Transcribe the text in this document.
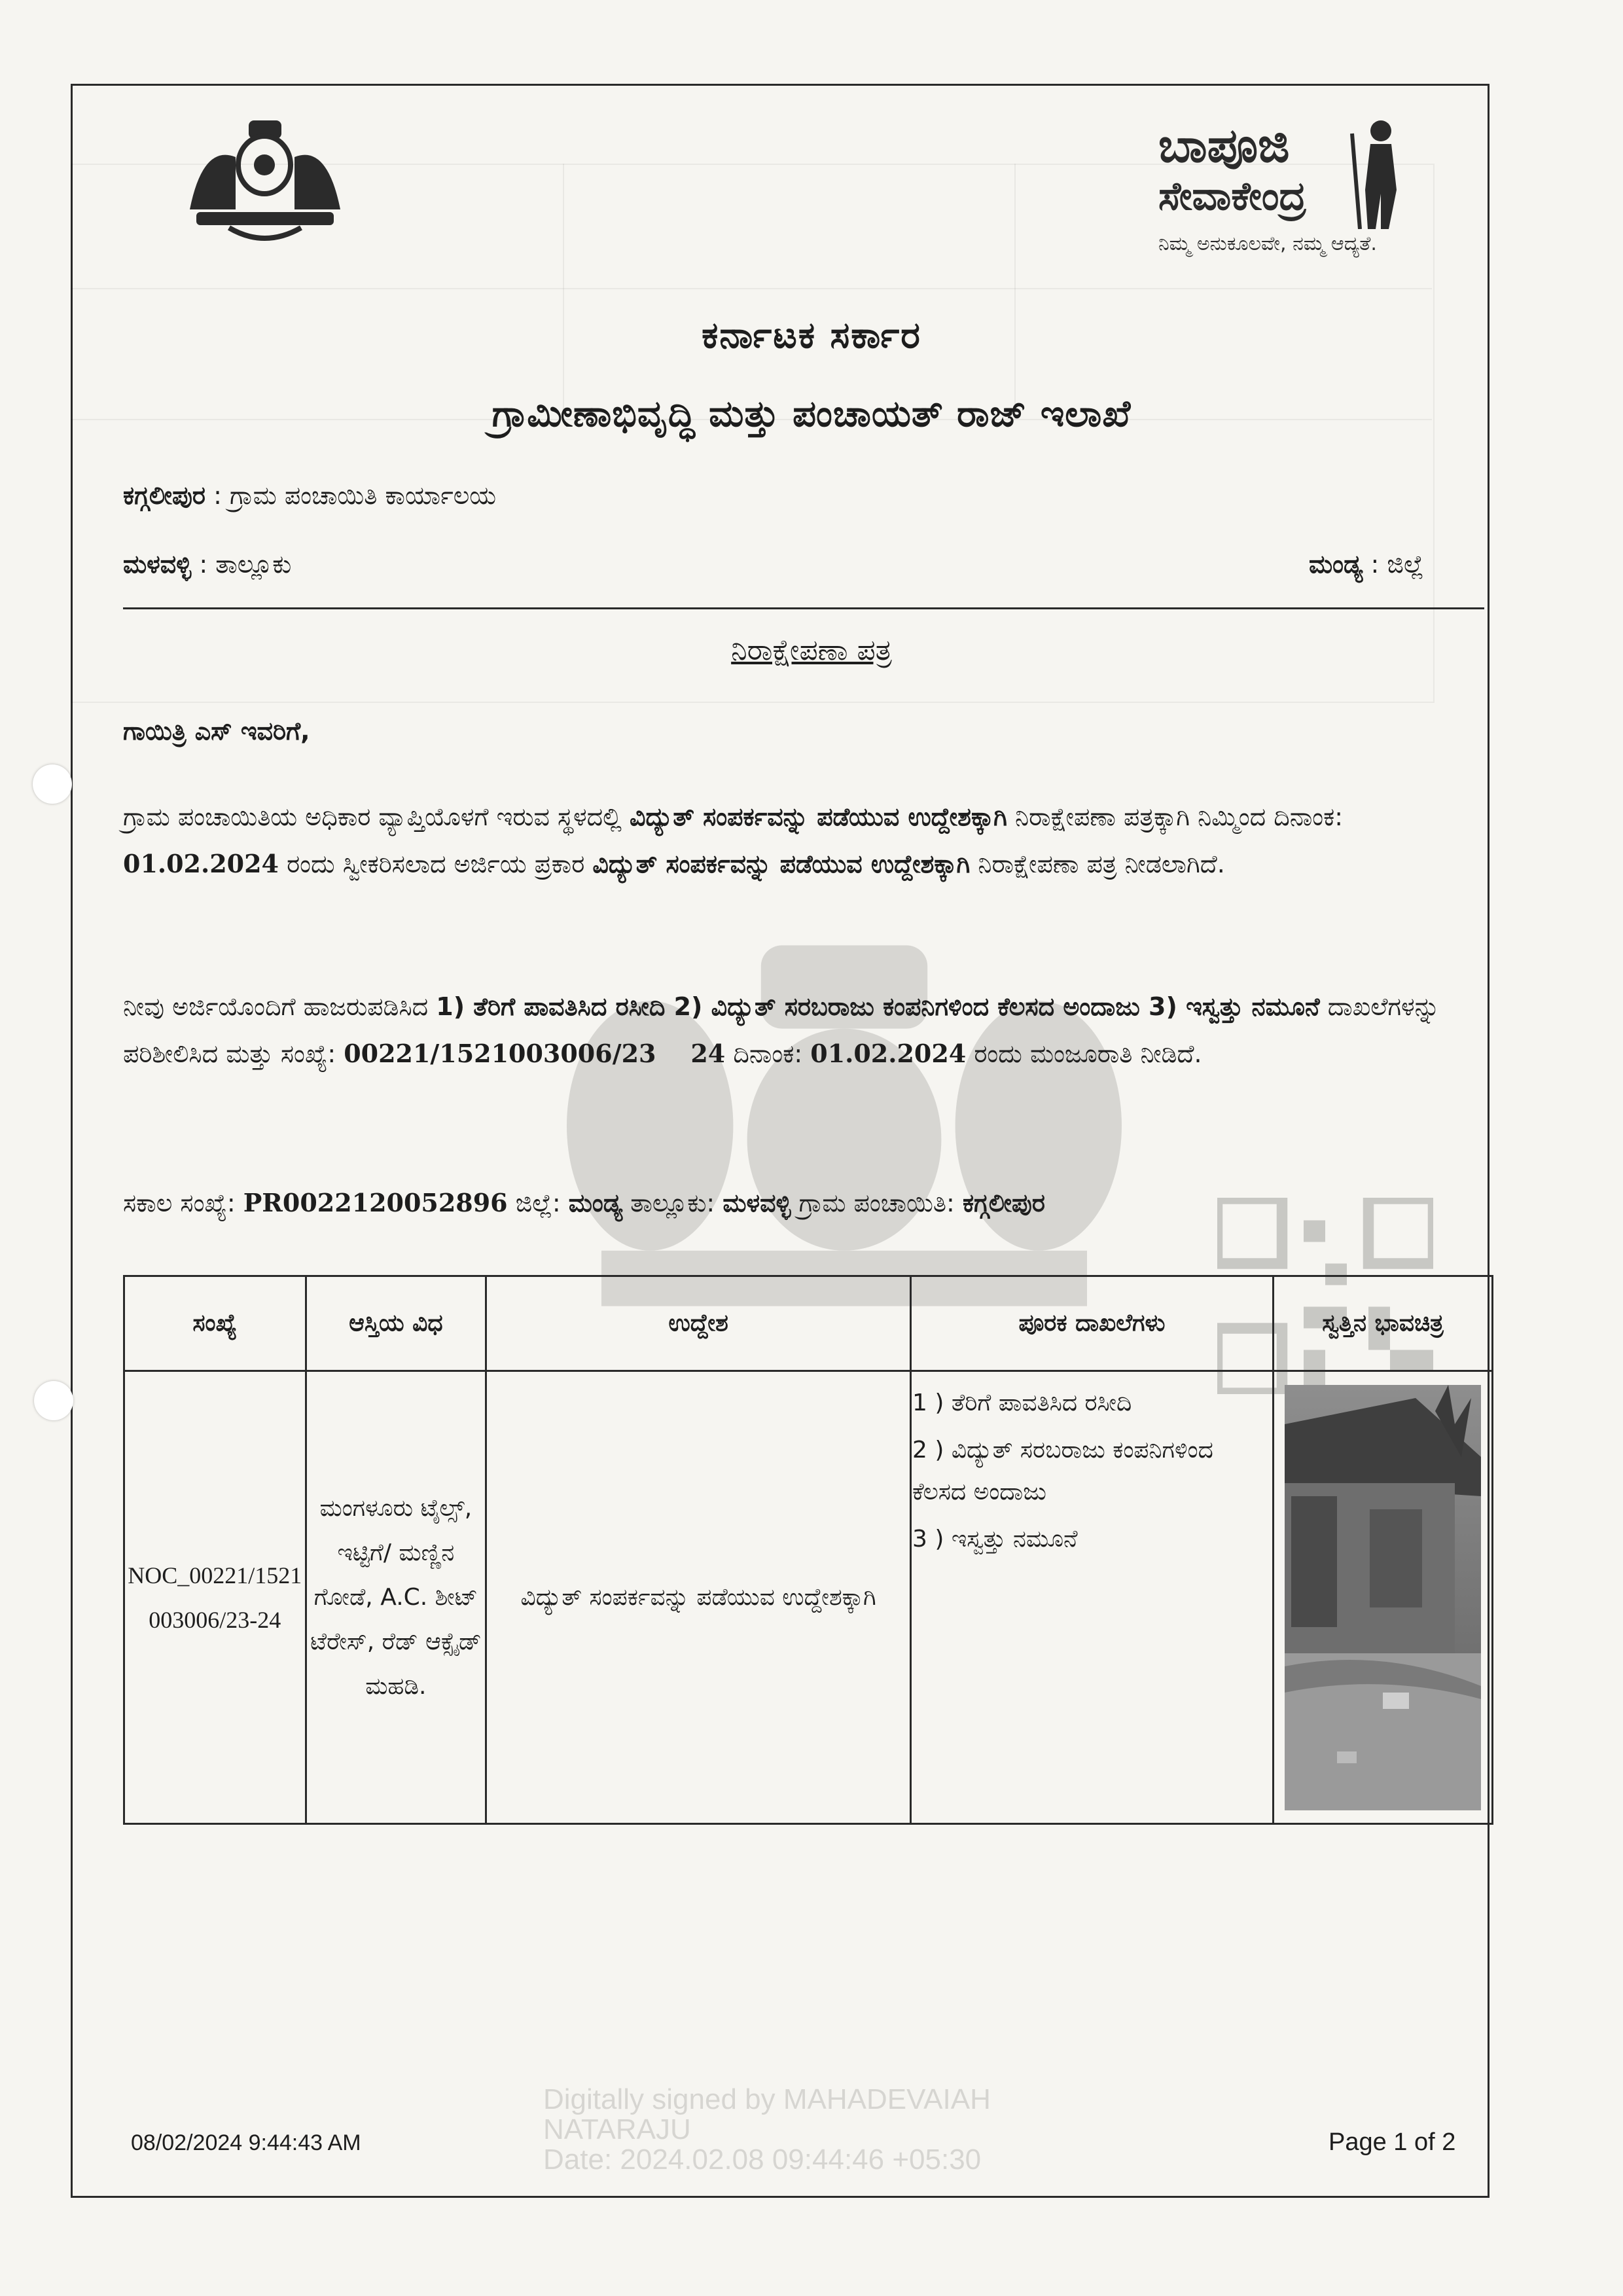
ಬಾಪೂಜಿ
ಸೇವಾಕೇಂದ್ರ
ನಿಮ್ಮ ಅನುಕೂಲವೇ, ನಮ್ಮ ಆದ್ಯತೆ.
ಕರ್ನಾಟಕ ಸರ್ಕಾರ
ಗ್ರಾಮೀಣಾಭಿವೃದ್ಧಿ ಮತ್ತು ಪಂಚಾಯತ್ ರಾಜ್ ಇಲಾಖೆ
ಕಗ್ಗಲೀಪುರ : ಗ್ರಾಮ ಪಂಚಾಯಿತಿ ಕಾರ್ಯಾಲಯ
ಮಳವಳ್ಳಿ : ತಾಲ್ಲೂಕು	ಮಂಡ್ಯ : ಜಿಲ್ಲೆ
ನಿರಾಕ್ಷೇಪಣಾ ಪತ್ರ
ಗಾಯಿತ್ರಿ ಎಸ್ ಇವರಿಗೆ,
ಗ್ರಾಮ ಪಂಚಾಯಿತಿಯ ಅಧಿಕಾರ ವ್ಯಾಪ್ತಿಯೊಳಗೆ ಇರುವ ಸ್ಥಳದಲ್ಲಿ ವಿದ್ಯುತ್ ಸಂಪರ್ಕವನ್ನು ಪಡೆಯುವ ಉದ್ದೇಶಕ್ಕಾಗಿ ನಿರಾಕ್ಷೇಪಣಾ ಪತ್ರಕ್ಕಾಗಿ ನಿಮ್ಮಿಂದ ದಿನಾಂಕ: 01.02.2024 ರಂದು ಸ್ವೀಕರಿಸಲಾದ ಅರ್ಜಿಯ ಪ್ರಕಾರ ವಿದ್ಯುತ್ ಸಂಪರ್ಕವನ್ನು ಪಡೆಯುವ ಉದ್ದೇಶಕ್ಕಾಗಿ ನಿರಾಕ್ಷೇಪಣಾ ಪತ್ರ ನೀಡಲಾಗಿದೆ.
ನೀವು ಅರ್ಜಿಯೊಂದಿಗೆ ಹಾಜರುಪಡಿಸಿದ 1) ತೆರಿಗೆ ಪಾವತಿಸಿದ ರಸೀದಿ 2) ವಿದ್ಯುತ್ ಸರಬರಾಜು ಕಂಪನಿಗಳಿಂದ ಕೆಲಸದ ಅಂದಾಜು 3) ಇಸ್ವತ್ತು ನಮೂನೆ ದಾಖಲೆಗಳನ್ನು ಪರಿಶೀಲಿಸಿದ ಮತ್ತು ಸಂಖ್ಯೆ: 00221/1521003006/23    24 ದಿನಾಂಕ: 01.02.2024 ರಂದು ಮಂಜೂರಾತಿ ನೀಡಿದೆ.
ಸಕಾಲ ಸಂಖ್ಯೆ: PR0022120052896 ಜಿಲ್ಲೆ: ಮಂಡ್ಯ ತಾಲ್ಲೂಕು: ಮಳವಳ್ಳಿ ಗ್ರಾಮ ಪಂಚಾಯಿತಿ: ಕಗ್ಗಲೀಪುರ
ಸಂಖ್ಯೆ	ಆಸ್ತಿಯ ವಿಧ	ಉದ್ದೇಶ	ಪೂರಕ ದಾಖಲೆಗಳು	ಸ್ವತ್ತಿನ ಭಾವಚಿತ್ರ
NOC_00221/1521003006/23-24	ಮಂಗಳೂರು ಟೈಲ್ಸ್, ಇಟ್ಟಿಗೆ/ ಮಣ್ಣಿನ ಗೋಡೆ, A.C. ಶೀಟ್ ಟೆರೇಸ್, ರೆಡ್ ಆಕ್ಸೈಡ್ ಮಹಡಿ.	ವಿದ್ಯುತ್ ಸಂಪರ್ಕವನ್ನು ಪಡೆಯುವ ಉದ್ದೇಶಕ್ಕಾಗಿ	1 ) ತೆರಿಗೆ ಪಾವತಿಸಿದ ರಸೀದಿ
2 ) ವಿದ್ಯುತ್ ಸರಬರಾಜು ಕಂಪನಿಗಳಿಂದ ಕೆಲಸದ ಅಂದಾಜು
3 ) ಇಸ್ವತ್ತು ನಮೂನೆ

Digitally signed by MAHADEVAIAH
NATARAJU
Date: 2024.02.08 09:44:46 +05:30
08/02/2024 9:44:43 AM	Page 1 of 2
